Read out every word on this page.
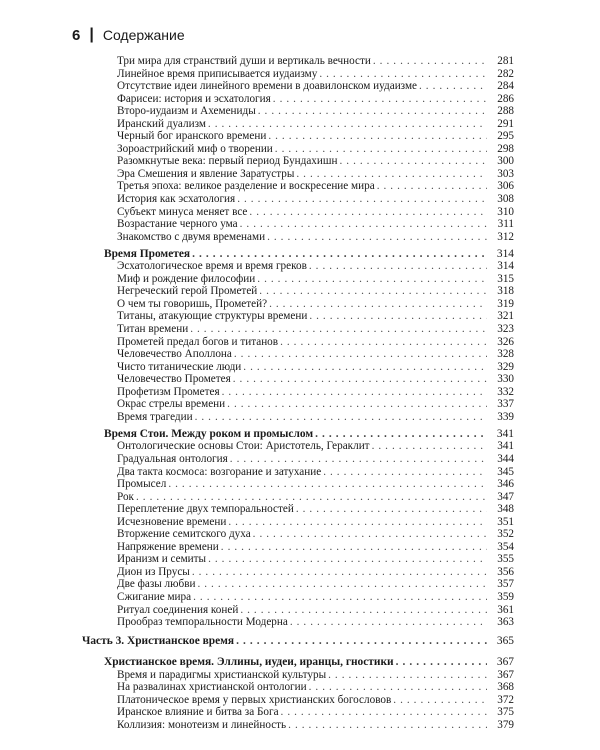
6 | Содержание
Три мира для странствий души и вертикаль вечности . . .	281
Линейное время приписывается иудаизму . . .	282
Отсутствие идеи линейного времени в доавилонском иудаизме . . .	284
Фарисеи: история и эсхатология . . .	286
Второ-иудаизм и Ахемениды . . .	288
Иранский дуализм . . .	291
Черный бог иранского времени . . .	295
Зороастрийский миф о творении . . .	298
Разомкнутые века: первый период Бундахишн . . .	300
Эра Смешения и явление Заратустры . . .	303
Третья эпоха: великое разделение и воскресение мира . . .	306
История как эсхатология . . .	308
Субъект минуса меняет все . . .	310
Возрастание черного ума . . .	311
Знакомство с двумя временами . . .	312
Время Прометея . . .	314
Эсхатологическое время и время греков . . .	314
Миф и рождение философии . . .	315
Негреческий герой Прометей . . .	318
О чем ты говоришь, Прометей? . . .	319
Титаны, атакующие структуры времени . . .	321
Титан времени . . .	323
Прометей предал богов и титанов . . .	326
Человечество Аполлона . . .	328
Чисто титанические люди . . .	329
Человечество Прометея . . .	330
Профетизм Прометея . . .	332
Окрас стрелы времени . . .	337
Время трагедии . . .	339
Время Стои. Между роком и промыслом . . .	341
Онтологические основы Стои: Аристотель, Гераклит . . .	341
Градуальная онтология . . .	344
Два такта космоса: возгорание и затухание . . .	345
Промысел . . .	346
Рок . . .	347
Переплетение двух темпоральностей . . .	348
Исчезновение времени . . .	351
Вторжение семитского духа . . .	352
Напряжение времени . . .	354
Иранизм и семиты . . .	355
Дион из Прусы . . .	356
Две фазы любви . . .	357
Сжигание мира . . .	359
Ритуал соединения коней . . .	361
Прообраз темпоральности Модерна . . .	363
Часть 3. Христианское время . . .	365
Христианское время. Эллины, иудеи, иранцы, гностики . . .	367
Время и парадигмы христианской культуры . . .	367
На развалинах христианской онтологии . . .	368
Платоническое время у первых христианских богословов . . .	372
Иранское влияние и битва за Бога . . .	375
Коллизия: монотеизм и линейность . . .	379
